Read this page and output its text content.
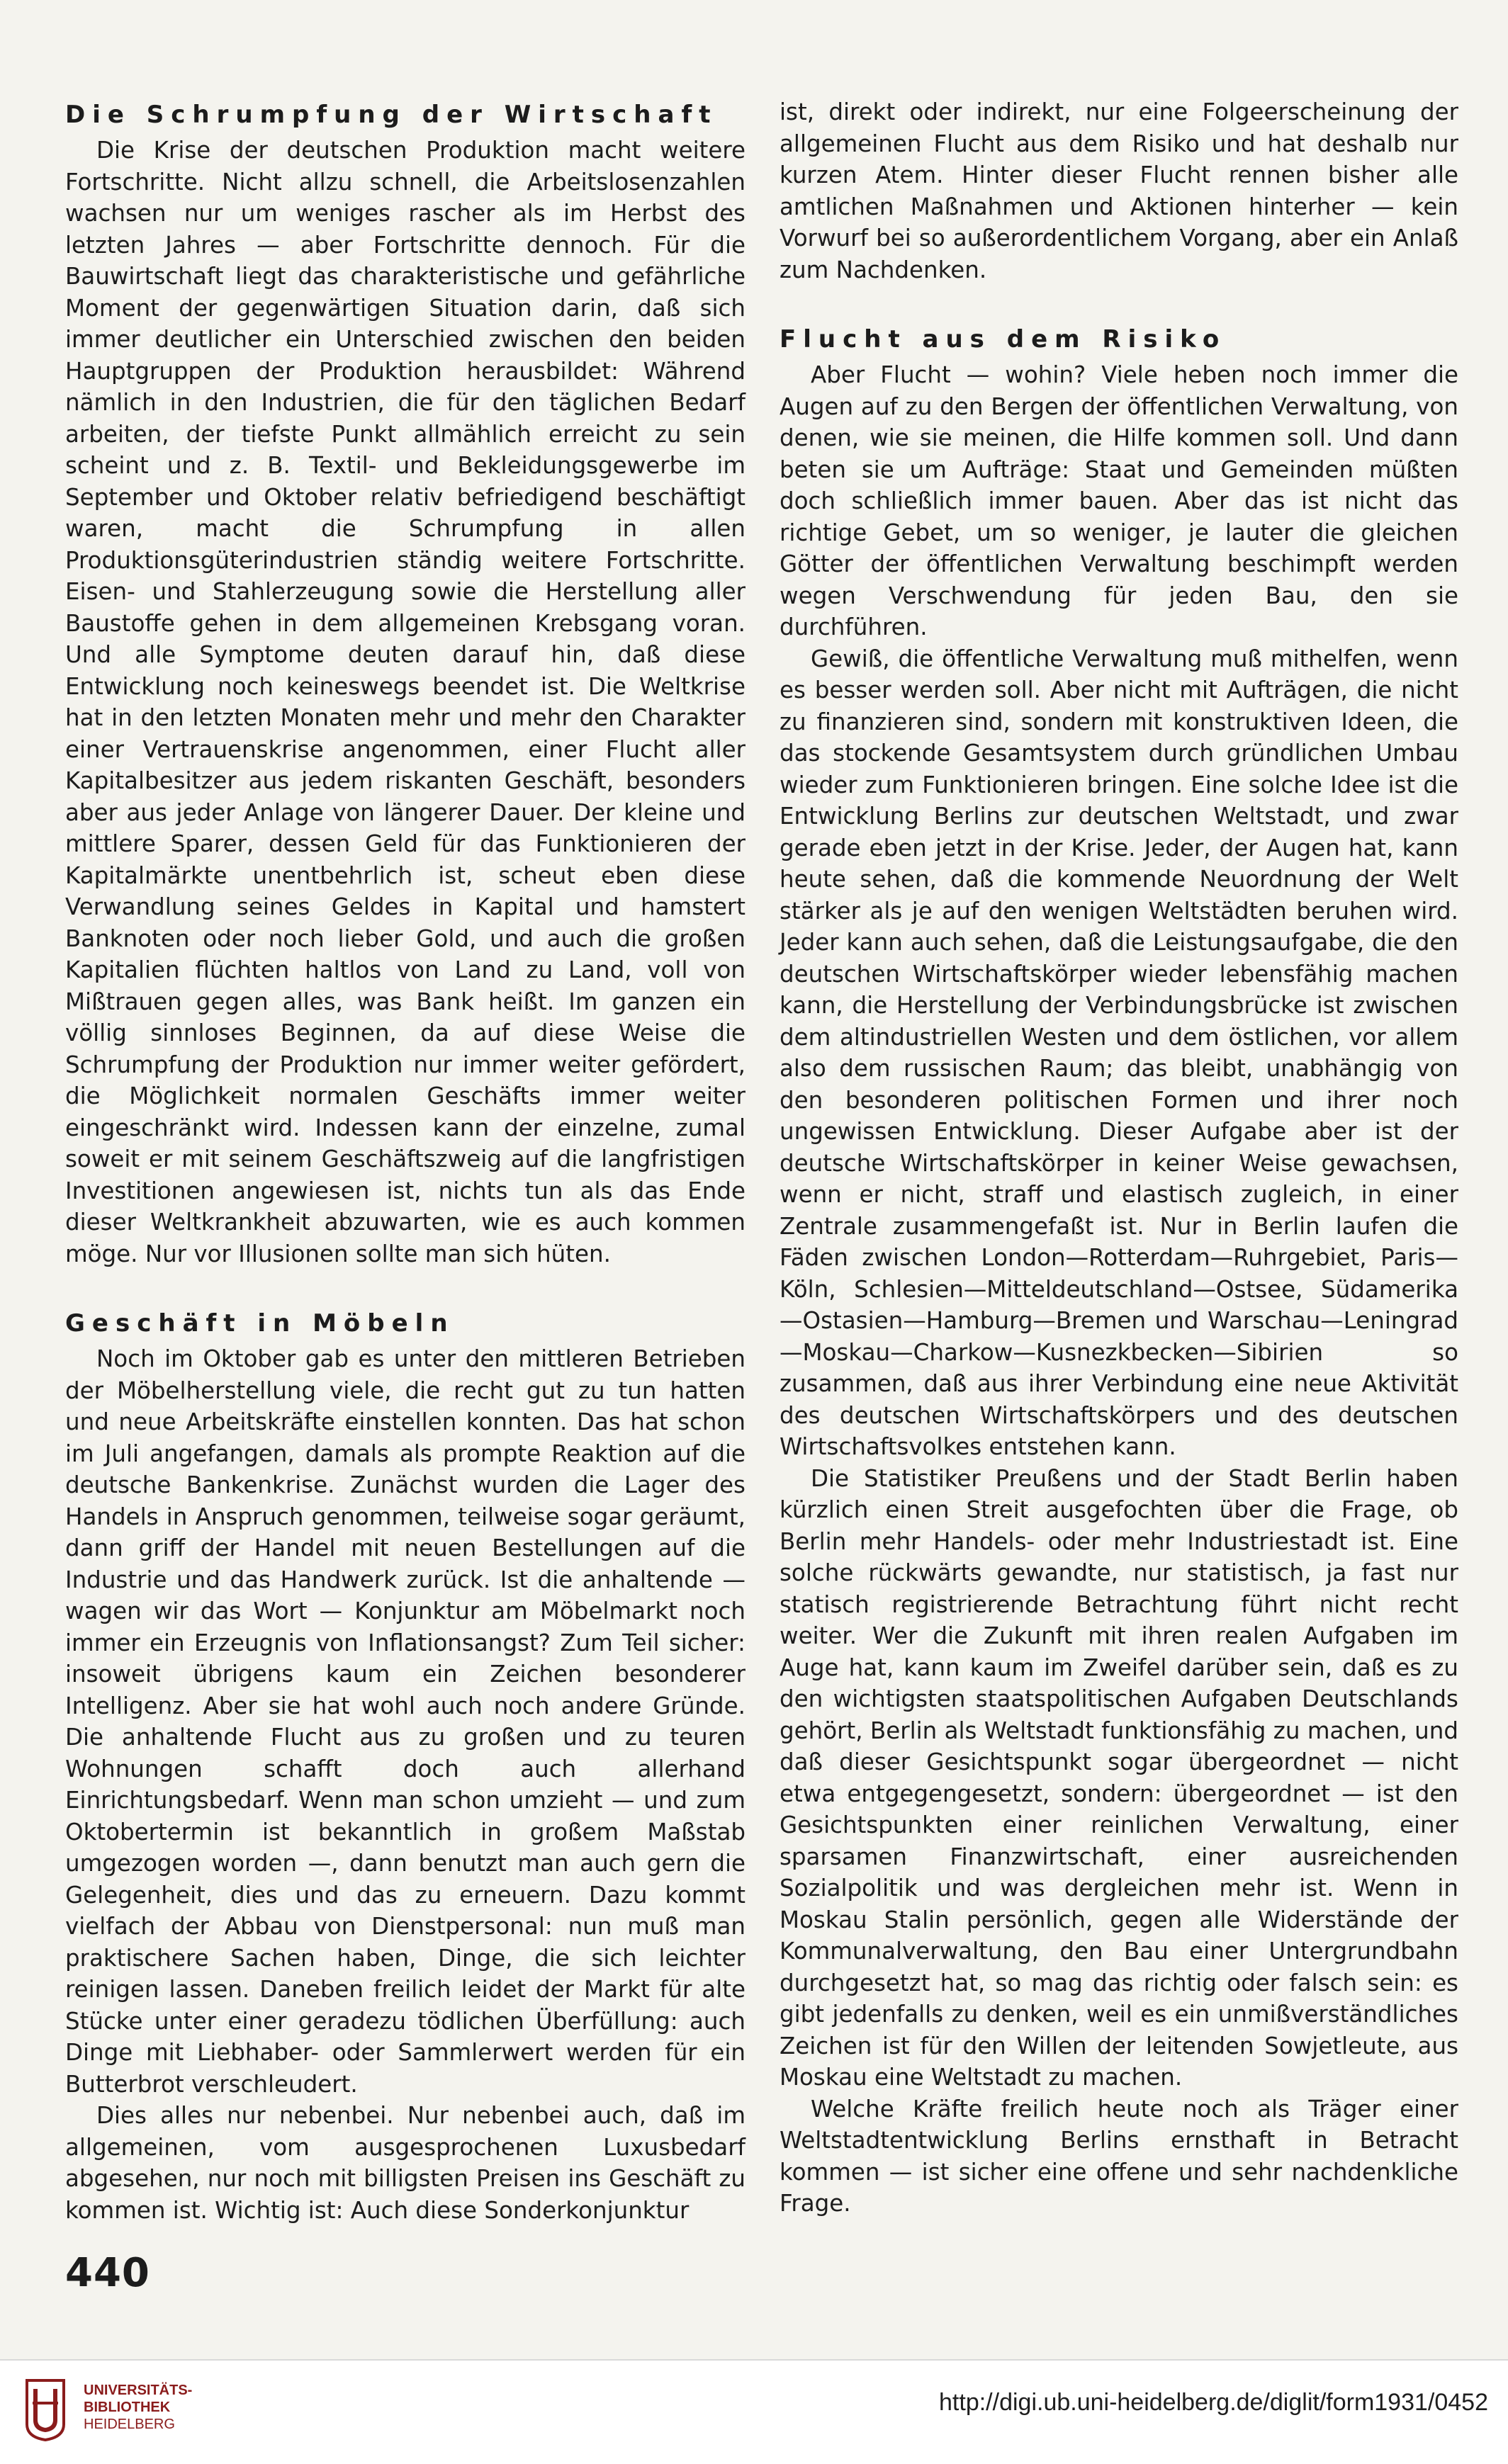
Die Schrumpfung der Wirtschaft

Die Krise der deutschen Produktion macht weitere Fortschritte. Nicht allzu schnell, die Arbeitslosenzahlen wachsen nur um weniges rascher als im Herbst des letzten Jahres — aber Fortschritte dennoch. Für die Bauwirtschaft liegt das charakteristische und gefährliche Moment der gegenwärtigen Situation darin, daß sich immer deutlicher ein Unterschied zwischen den beiden Hauptgruppen der Produktion herausbildet: Während nämlich in den Industrien, die für den täglichen Bedarf arbeiten, der tiefste Punkt allmählich erreicht zu sein scheint und z. B. Textil- und Bekleidungsgewerbe im September und Oktober relativ befriedigend beschäftigt waren, macht die Schrumpfung in allen Produktionsgüterindustrien ständig weitere Fortschritte. Eisen- und Stahlerzeugung sowie die Herstellung aller Baustoffe gehen in dem allgemeinen Krebsgang voran. Und alle Symptome deuten darauf hin, daß diese Entwicklung noch keineswegs beendet ist. Die Weltkrise hat in den letzten Monaten mehr und mehr den Charakter einer Vertrauenskrise angenommen, einer Flucht aller Kapitalbesitzer aus jedem riskanten Geschäft, besonders aber aus jeder Anlage von längerer Dauer. Der kleine und mittlere Sparer, dessen Geld für das Funktionieren der Kapitalmärkte unentbehrlich ist, scheut eben diese Verwandlung seines Geldes in Kapital und hamstert Banknoten oder noch lieber Gold, und auch die großen Kapitalien flüchten haltlos von Land zu Land, voll von Mißtrauen gegen alles, was Bank heißt. Im ganzen ein völlig sinnloses Beginnen, da auf diese Weise die Schrumpfung der Produktion nur immer weiter gefördert, die Möglichkeit normalen Geschäfts immer weiter eingeschränkt wird. Indessen kann der einzelne, zumal soweit er mit seinem Geschäftszweig auf die langfristigen Investitionen angewiesen ist, nichts tun als das Ende dieser Weltkrankheit abzuwarten, wie es auch kommen möge. Nur vor Illusionen sollte man sich hüten.

Geschäft in Möbeln

Noch im Oktober gab es unter den mittleren Betrieben der Möbelherstellung viele, die recht gut zu tun hatten und neue Arbeitskräfte einstellen konnten. Das hat schon im Juli angefangen, damals als prompte Reaktion auf die deutsche Bankenkrise. Zunächst wurden die Lager des Handels in Anspruch genommen, teilweise sogar geräumt, dann griff der Handel mit neuen Bestellungen auf die Industrie und das Handwerk zurück. Ist die anhaltende — wagen wir das Wort — Konjunktur am Möbelmarkt noch immer ein Erzeugnis von Inflationsangst? Zum Teil sicher: insoweit übrigens kaum ein Zeichen besonderer Intelligenz. Aber sie hat wohl auch noch andere Gründe. Die anhaltende Flucht aus zu großen und zu teuren Wohnungen schafft doch auch allerhand Einrichtungsbedarf. Wenn man schon umzieht — und zum Oktobertermin ist bekanntlich in großem Maßstab umgezogen worden —, dann benutzt man auch gern die Gelegenheit, dies und das zu erneuern. Dazu kommt vielfach der Abbau von Dienstpersonal: nun muß man praktischere Sachen haben, Dinge, die sich leichter reinigen lassen. Daneben freilich leidet der Markt für alte Stücke unter einer geradezu tödlichen Überfüllung: auch Dinge mit Liebhaber- oder Sammlerwert werden für ein Butterbrot verschleudert.

Dies alles nur nebenbei. Nur nebenbei auch, daß im allgemeinen, vom ausgesprochenen Luxusbedarf abgesehen, nur noch mit billigsten Preisen ins Geschäft zu kommen ist. Wichtig ist: Auch diese Sonderkonjunktur

ist, direkt oder indirekt, nur eine Folgeerscheinung der allgemeinen Flucht aus dem Risiko und hat deshalb nur kurzen Atem. Hinter dieser Flucht rennen bisher alle amtlichen Maßnahmen und Aktionen hinterher — kein Vorwurf bei so außerordentlichem Vorgang, aber ein Anlaß zum Nachdenken.

Flucht aus dem Risiko

Aber Flucht — wohin? Viele heben noch immer die Augen auf zu den Bergen der öffentlichen Verwaltung, von denen, wie sie meinen, die Hilfe kommen soll. Und dann beten sie um Aufträge: Staat und Gemeinden müßten doch schließlich immer bauen. Aber das ist nicht das richtige Gebet, um so weniger, je lauter die gleichen Götter der öffentlichen Verwaltung beschimpft werden wegen Verschwendung für jeden Bau, den sie durchführen.

Gewiß, die öffentliche Verwaltung muß mithelfen, wenn es besser werden soll. Aber nicht mit Aufträgen, die nicht zu finanzieren sind, sondern mit konstruktiven Ideen, die das stockende Gesamtsystem durch gründlichen Umbau wieder zum Funktionieren bringen. Eine solche Idee ist die Entwicklung Berlins zur deutschen Weltstadt, und zwar gerade eben jetzt in der Krise. Jeder, der Augen hat, kann heute sehen, daß die kommende Neuordnung der Welt stärker als je auf den wenigen Weltstädten beruhen wird. Jeder kann auch sehen, daß die Leistungsaufgabe, die den deutschen Wirtschaftskörper wieder lebensfähig machen kann, die Herstellung der Verbindungsbrücke ist zwischen dem altindustriellen Westen und dem östlichen, vor allem also dem russischen Raum; das bleibt, unabhängig von den besonderen politischen Formen und ihrer noch ungewissen Entwicklung. Dieser Aufgabe aber ist der deutsche Wirtschaftskörper in keiner Weise gewachsen, wenn er nicht, straff und elastisch zugleich, in einer Zentrale zusammengefaßt ist. Nur in Berlin laufen die Fäden zwischen London—Rotterdam—Ruhrgebiet, Paris—Köln, Schlesien—Mitteldeutschland—Ostsee, Südamerika—Ostasien—Hamburg—Bremen und Warschau—Leningrad—Moskau—Charkow—Kusnezkbecken—Sibirien so zusammen, daß aus ihrer Verbindung eine neue Aktivität des deutschen Wirtschaftskörpers und des deutschen Wirtschaftsvolkes entstehen kann.

Die Statistiker Preußens und der Stadt Berlin haben kürzlich einen Streit ausgefochten über die Frage, ob Berlin mehr Handels- oder mehr Industriestadt ist. Eine solche rückwärts gewandte, nur statistisch, ja fast nur statisch registrierende Betrachtung führt nicht recht weiter. Wer die Zukunft mit ihren realen Aufgaben im Auge hat, kann kaum im Zweifel darüber sein, daß es zu den wichtigsten staatspolitischen Aufgaben Deutschlands gehört, Berlin als Weltstadt funktionsfähig zu machen, und daß dieser Gesichtspunkt sogar übergeordnet — nicht etwa entgegengesetzt, sondern: übergeordnet — ist den Gesichtspunkten einer reinlichen Verwaltung, einer sparsamen Finanzwirtschaft, einer ausreichenden Sozialpolitik und was dergleichen mehr ist. Wenn in Moskau Stalin persönlich, gegen alle Widerstände der Kommunalverwaltung, den Bau einer Untergrundbahn durchgesetzt hat, so mag das richtig oder falsch sein: es gibt jedenfalls zu denken, weil es ein unmißverständliches Zeichen ist für den Willen der leitenden Sowjetleute, aus Moskau eine Weltstadt zu machen.

Welche Kräfte freilich heute noch als Träger einer Weltstadtentwicklung Berlins ernsthaft in Betracht kommen — ist sicher eine offene und sehr nachdenkliche Frage.

440
UNIVERSITÄTS-
BIBLIOTHEK
HEIDELBERG
http://digi.ub.uni-heidelberg.de/diglit/form1931/0452
